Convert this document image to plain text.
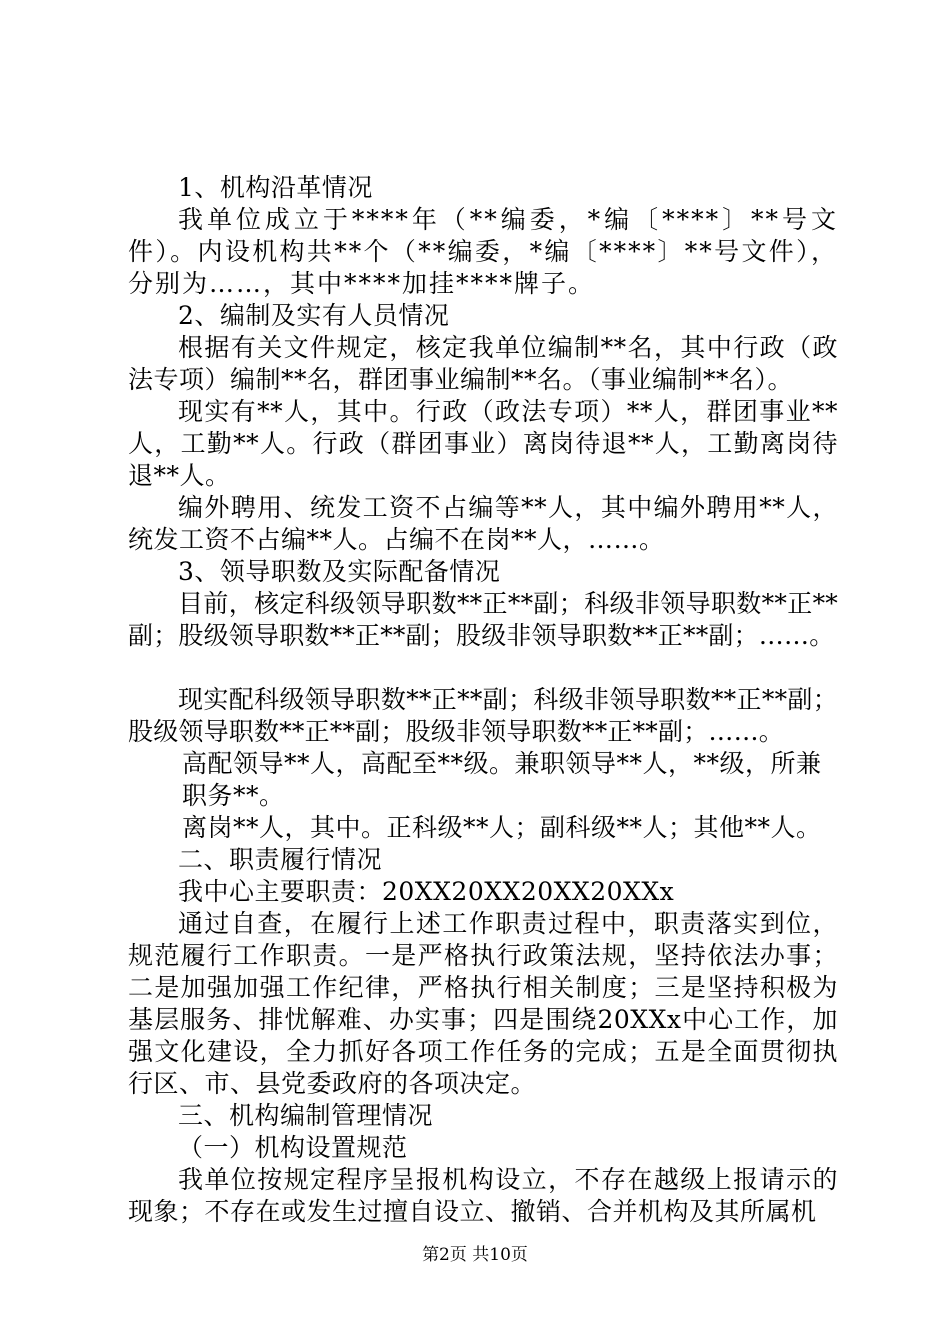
1、机构沿革情况

我单位成立于****年（**编委，*编〔****〕**号文件）。内设机构共**个（**编委，*编〔****〕**号文件），分别为……，其中****加挂****牌子。

2、编制及实有人员情况

根据有关文件规定，核定我单位编制**名，其中行政（政法专项）编制**名，群团事业编制**名。（事业编制**名）。

现实有**人，其中。行政（政法专项）**人，群团事业**人，工勤**人。行政（群团事业）离岗待退**人，工勤离岗待退**人。

编外聘用、统发工资不占编等**人，其中编外聘用**人，统发工资不占编**人。占编不在岗**人，……。

3、领导职数及实际配备情况

目前，核定科级领导职数**正**副；科级非领导职数**正**副；股级领导职数**正**副；股级非领导职数**正**副；……。

现实配科级领导职数**正**副；科级非领导职数**正**副；股级领导职数**正**副；股级非领导职数**正**副；……。

高配领导**人，高配至**级。兼职领导**人，**级，所兼职务**。

离岗**人，其中。正科级**人；副科级**人；其他**人。

二、职责履行情况

我中心主要职责：20XX20XX20XX20XXx

通过自查，在履行上述工作职责过程中，职责落实到位，规范履行工作职责。一是严格执行政策法规，坚持依法办事；二是加强加强工作纪律，严格执行相关制度；三是坚持积极为基层服务、排忧解难、办实事；四是围绕20XXx中心工作，加强文化建设，全力抓好各项工作任务的完成；五是全面贯彻执行区、市、县党委政府的各项决定。

三、机构编制管理情况

（一）机构设置规范

我单位按规定程序呈报机构设立，不存在越级上报请示的现象；不存在或发生过擅自设立、撤销、合并机构及其所属机

第2页 共10页
